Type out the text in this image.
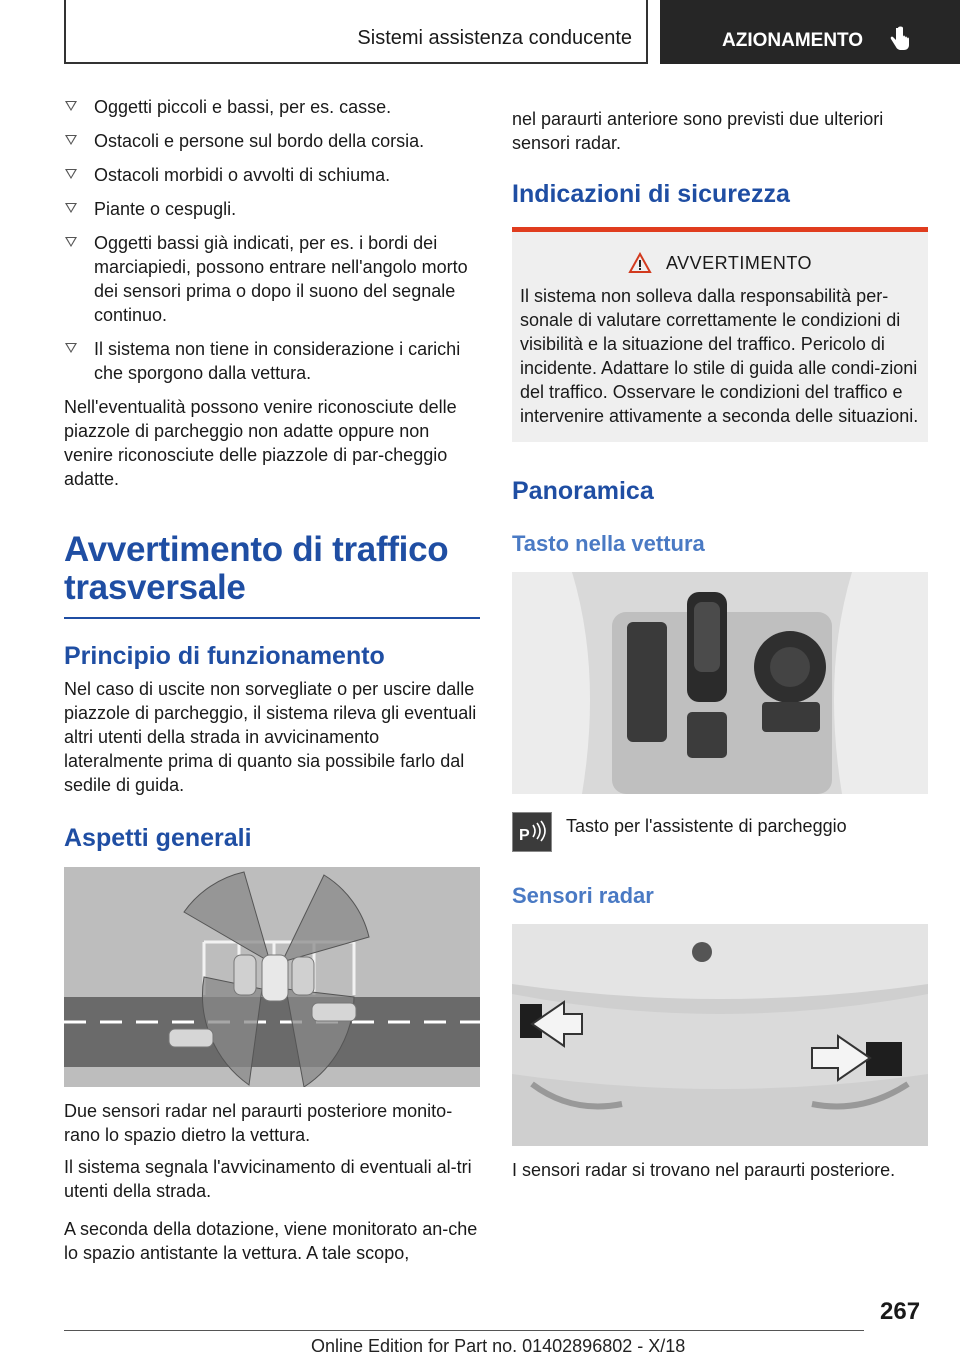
Sistemi assistenza conducente	AZIONAMENTO
Oggetti piccoli e bassi, per es. casse.
Ostacoli e persone sul bordo della corsia.
Ostacoli morbidi o avvolti di schiuma.
Piante o cespugli.
Oggetti bassi già indicati, per es. i bordi dei marciapiedi, possono entrare nell'angolo morto dei sensori prima o dopo il suono del segnale continuo.
Il sistema non tiene in considerazione i carichi che sporgono dalla vettura.

Nell'eventualità possono venire riconosciute delle piazzole di parcheggio non adatte oppure non venire riconosciute delle piazzole di par-cheggio adatte.

Avvertimento di traffico trasversale
Principio di funzionamento

Nel caso di uscite non sorvegliate o per uscire dalle piazzole di parcheggio, il sistema rileva gli eventuali altri utenti della strada in avvicinamento lateralmente prima di quanto sia possibile farlo dal sedile di guida.

Aspetti generali

Due sensori radar nel paraurti posteriore monito-rano lo spazio dietro la vettura.

Il sistema segnala l'avvicinamento di eventuali al-tri utenti della strada.

A seconda della dotazione, viene monitorato an-che lo spazio antistante la vettura. A tale scopo,

nel paraurti anteriore sono previsti due ulteriori sensori radar.

Indicazioni di sicurezza
AVVERTIMENTO

Il sistema non solleva dalla responsabilità per-sonale di valutare correttamente le condizioni di visibilità e la situazione del traffico. Pericolo di incidente. Adattare lo stile di guida alle condi-zioni del traffico. Osservare le condizioni del traffico e intervenire attivamente a seconda delle situazioni.

Panoramica
Tasto nella vettura
P Tasto per l'assistente di parcheggio

Sensori radar

I sensori radar si trovano nel paraurti posteriore.

267
Online Edition for Part no. 01402896802 - X/18
